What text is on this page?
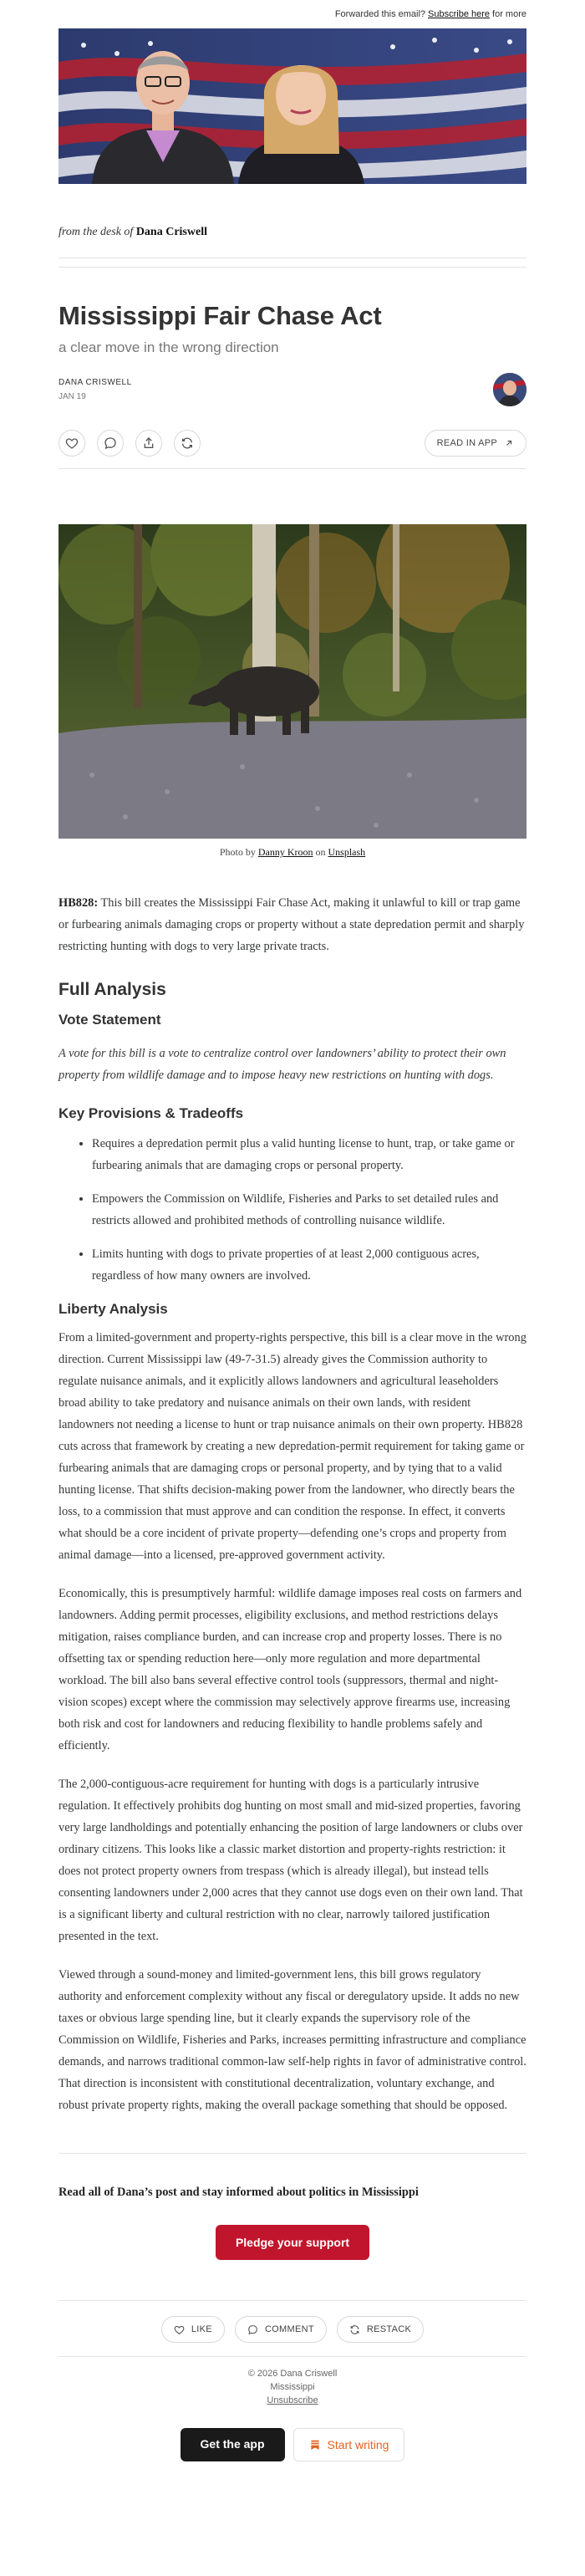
Forwarded this email? Subscribe here for more
from the desk of Dana Criswell
Mississippi Fair Chase Act
a clear move in the wrong direction
DANA CRISWELL
JAN 19
READ IN APP
Photo by Danny Kroon on Unsplash

HB828: This bill creates the Mississippi Fair Chase Act, making it unlawful to kill or trap game or furbearing animals damaging crops or property without a state depredation permit and sharply restricting hunting with dogs to very large private tracts.

Full Analysis
Vote Statement

A vote for this bill is a vote to centralize control over landowners’ ability to protect their own property from wildlife damage and to impose heavy new restrictions on hunting with dogs.

Key Provisions & Tradeoffs
• Requires a depredation permit plus a valid hunting license to hunt, trap, or take game or furbearing animals that are damaging crops or personal property.
• Empowers the Commission on Wildlife, Fisheries and Parks to set detailed rules and restricts allowed and prohibited methods of controlling nuisance wildlife.
• Limits hunting with dogs to private properties of at least 2,000 contiguous acres, regardless of how many owners are involved.
Liberty Analysis

From a limited-government and property-rights perspective, this bill is a clear move in the wrong direction. Current Mississippi law (49-7-31.5) already gives the Commission authority to regulate nuisance animals, and it explicitly allows landowners and agricultural leaseholders broad ability to take predatory and nuisance animals on their own lands, with resident landowners not needing a license to hunt or trap nuisance animals on their own property. HB828 cuts across that framework by creating a new depredation-permit requirement for taking game or furbearing animals that are damaging crops or personal property, and by tying that to a valid hunting license. That shifts decision-making power from the landowner, who directly bears the loss, to a commission that must approve and can condition the response. In effect, it converts what should be a core incident of private property—defending one’s crops and property from animal damage—into a licensed, pre-approved government activity.

Economically, this is presumptively harmful: wildlife damage imposes real costs on farmers and landowners. Adding permit processes, eligibility exclusions, and method restrictions delays mitigation, raises compliance burden, and can increase crop and property losses. There is no offsetting tax or spending reduction here—only more regulation and more departmental workload. The bill also bans several effective control tools (suppressors, thermal and night-vision scopes) except where the commission may selectively approve firearms use, increasing both risk and cost for landowners and reducing flexibility to handle problems safely and efficiently.

The 2,000-contiguous-acre requirement for hunting with dogs is a particularly intrusive regulation. It effectively prohibits dog hunting on most small and mid-sized properties, favoring very large landholdings and potentially enhancing the position of large landowners or clubs over ordinary citizens. This looks like a classic market distortion and property-rights restriction: it does not protect property owners from trespass (which is already illegal), but instead tells consenting landowners under 2,000 acres that they cannot use dogs even on their own land. That is a significant liberty and cultural restriction with no clear, narrowly tailored justification presented in the text.

Viewed through a sound-money and limited-government lens, this bill grows regulatory authority and enforcement complexity without any fiscal or deregulatory upside. It adds no new taxes or obvious large spending line, but it clearly expands the supervisory role of the Commission on Wildlife, Fisheries and Parks, increases permitting infrastructure and compliance demands, and narrows traditional common-law self-help rights in favor of administrative control. That direction is inconsistent with constitutional decentralization, voluntary exchange, and robust private property rights, making the overall package something that should be opposed.

Read all of Dana’s post and stay informed about politics in Mississippi
Pledge your support
LIKE	COMMENT	RESTACK
© 2026 Dana Criswell
Mississippi
Unsubscribe
Get the app	Start writing
